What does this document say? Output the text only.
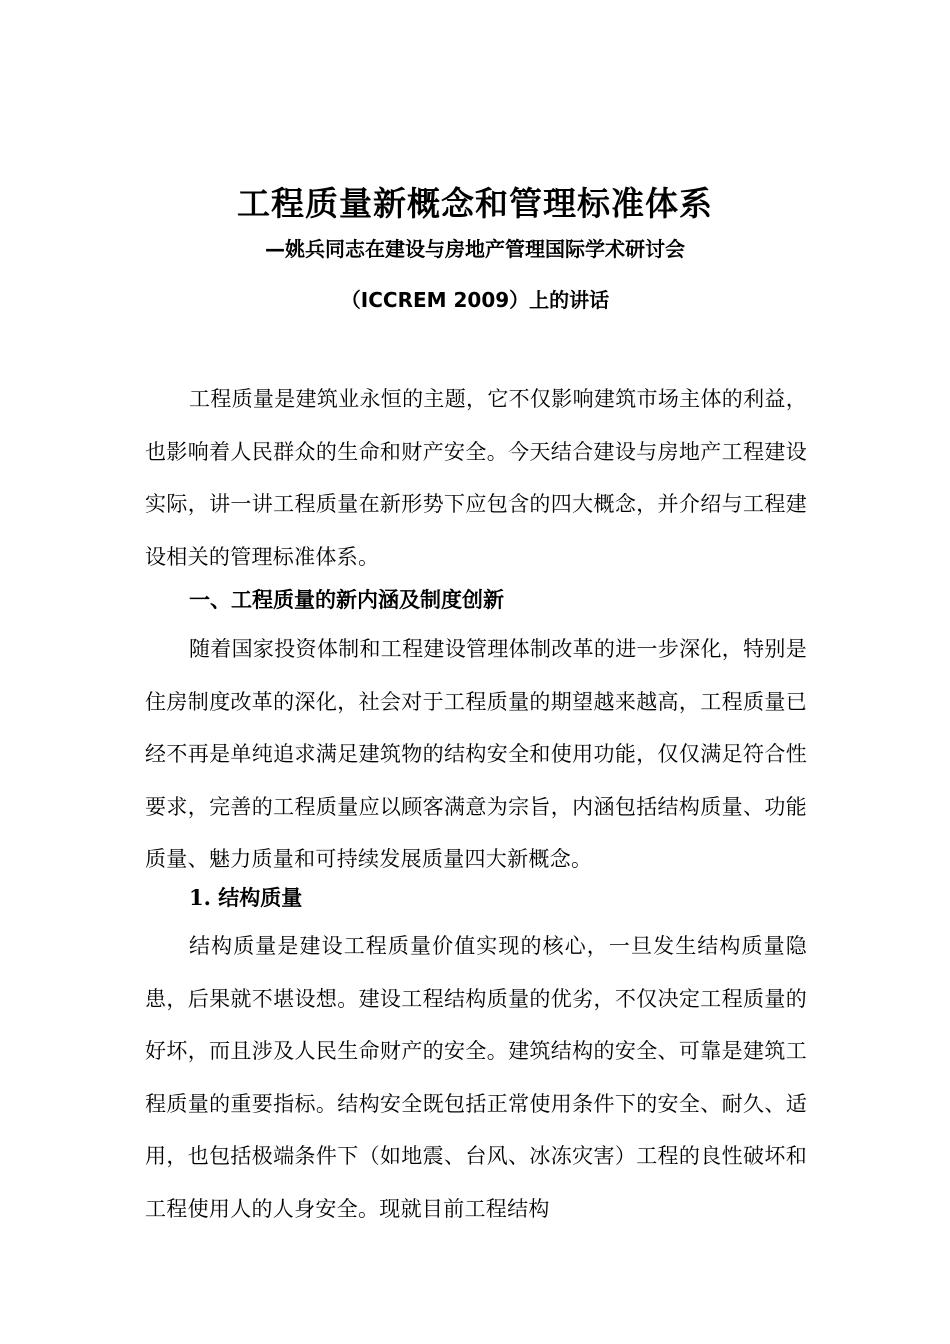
工程质量新概念和管理标准体系

—姚兵同志在建设与房地产管理国际学术研讨会

（ICCREM 2009）上的讲话

工程质量是建筑业永恒的主题，它不仅影响建筑市场主体的利益，也影响着人民群众的生命和财产安全。今天结合建设与房地产工程建设实际，讲一讲工程质量在新形势下应包含的四大概念，并介绍与工程建设相关的管理标准体系。

一、工程质量的新内涵及制度创新

随着国家投资体制和工程建设管理体制改革的进一步深化，特别是住房制度改革的深化，社会对于工程质量的期望越来越高，工程质量已经不再是单纯追求满足建筑物的结构安全和使用功能，仅仅满足符合性要求，完善的工程质量应以顾客满意为宗旨，内涵包括结构质量、功能质量、魅力质量和可持续发展质量四大新概念。

1. 结构质量

结构质量是建设工程质量价值实现的核心，一旦发生结构质量隐患，后果就不堪设想。建设工程结构质量的优劣，不仅决定工程质量的好坏，而且涉及人民生命财产的安全。建筑结构的安全、可靠是建筑工程质量的重要指标。结构安全既包括正常使用条件下的安全、耐久、适用，也包括极端条件下（如地震、台风、冰冻灾害）工程的良性破坏和工程使用人的人身安全。现就目前工程结构
